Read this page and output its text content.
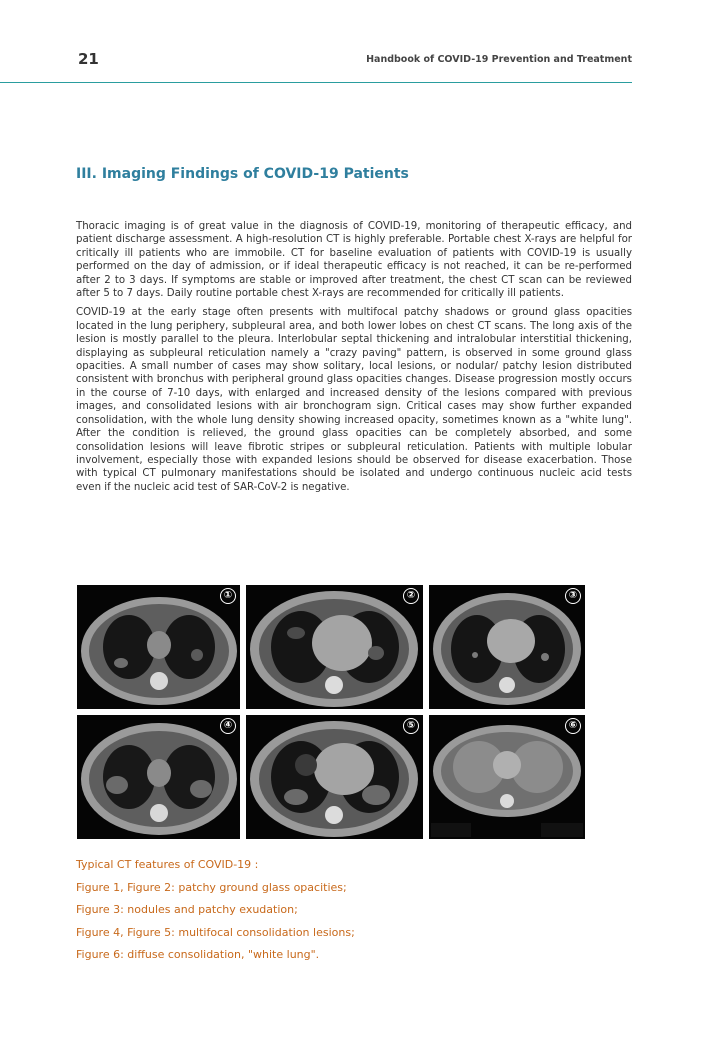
21	Handbook of COVID-19 Prevention and Treatment
III. Imaging Findings of COVID-19 Patients

Thoracic imaging is of great value in the diagnosis of COVID-19, monitoring of therapeutic efficacy, and patient discharge assessment. A high-resolution CT is highly preferable. Portable chest X-rays are helpful for critically ill patients who are immobile. CT for baseline evaluation of patients with COVID-19 is usually performed on the day of admission, or if ideal therapeutic efficacy is not reached, it can be re-performed after 2 to 3 days. If symptoms are stable or improved after treatment, the chest CT scan can be reviewed after 5 to 7 days. Daily routine portable chest X-rays are recommended for critically ill patients.

COVID-19 at the early stage often presents with multifocal patchy shadows or ground glass opacities located in the lung periphery, subpleural area, and both lower lobes on chest CT scans. The long axis of the lesion is mostly parallel to the pleura. Interlobular septal thickening and intralobular interstitial thickening, displaying as subpleural reticulation namely a "crazy paving" pattern, is observed in some ground glass opacities. A small number of cases may show solitary, local lesions, or nodular/ patchy lesion distributed consistent with bronchus with peripheral ground glass opacities changes. Disease progression mostly occurs in the course of 7-10 days, with enlarged and increased density of the lesions compared with previous images, and consolidated lesions with air bronchogram sign. Critical cases may show further expanded consolidation, with the whole lung density showing increased opacity, sometimes known as a "white lung". After the condition is relieved, the ground glass opacities can be completely absorbed, and some consolidation lesions will leave fibrotic stripes or subpleural reticulation. Patients with multiple lobular involvement, especially those with expanded lesions should be observed for disease exacerbation. Those with typical CT pulmonary manifestations should be isolated and undergo continuous nucleic acid tests even if the nucleic acid test of SAR-CoV-2 is negative.

①	②	③
④	⑤	⑥
Typical CT features of COVID-19 :
Figure 1, Figure 2: patchy ground glass opacities;
Figure 3: nodules and patchy exudation;
Figure 4, Figure 5: multifocal consolidation lesions;
Figure 6: diffuse consolidation, "white lung".
